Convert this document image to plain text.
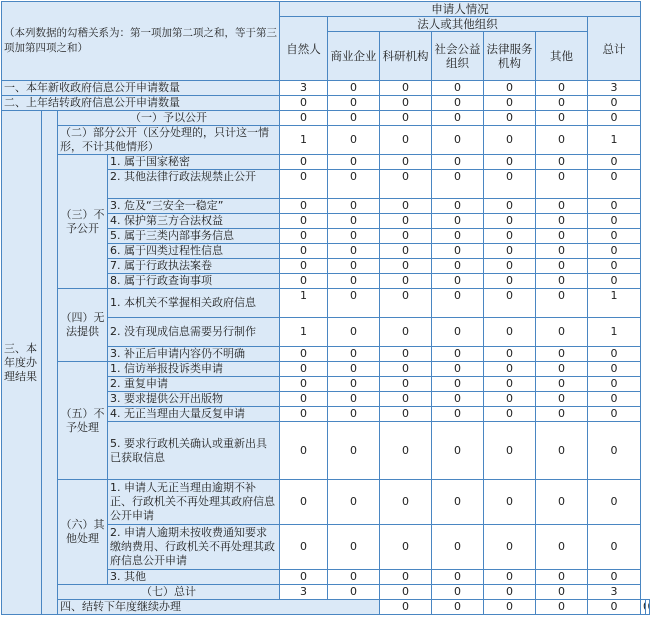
（本列数据的勾稽关系为：第一项加第二项之和，等于第三项加第四项之和）				申请人情况								
				自然人	法人或其他组织					总计		
					商业企业	科研机构	社会公益组织	法律服务机构	其他			

一、本年新收政府信息公开申请数量				3	0	0	0	0	0	3		
二、上年结转政府信息公开申请数量				0	0	0	0	0	0	0		
三、本年度办理结果		（一）予以公开		0	0	0	0	0	0	0		
		（二）部分公开（区分处理的，只计这一情形，不计其他情形）		1	0	0	0	0	0	1		
		（三）不予公开	1. 属于国家秘密	0	0	0	0	0	0	0		
			2. 其他法律行政法规禁止公开	0	0	0	0	0	0	0		
			3. 危及“三安全一稳定”	0	0	0	0	0	0	0		
			4. 保护第三方合法权益	0	0	0	0	0	0	0		
			5. 属于三类内部事务信息	0	0	0	0	0	0	0		
			6. 属于四类过程性信息	0	0	0	0	0	0	0		
			7. 属于行政执法案卷	0	0	0	0	0	0	0		
			8. 属于行政查询事项	0	0	0	0	0	0	0		
		（四）无法提供	1. 本机关不掌握相关政府信息	1	0	0	0	0	0	1		
			2. 没有现成信息需要另行制作	1	0	0	0	0	0	1		
			3. 补正后申请内容仍不明确	0	0	0	0	0	0	0		
		（五）不予处理	1. 信访举报投诉类申请	0	0	0	0	0	0	0		
			2. 重复申请	0	0	0	0	0	0	0		
			3. 要求提供公开出版物	0	0	0	0	0	0	0		
			4. 无正当理由大量反复申请	0	0	0	0	0	0	0		
			5. 要求行政机关确认或重新出具已获取信息	0	0	0	0	0	0	0		
		（六）其他处理	1. 申请人无正当理由逾期不补正、行政机关不再处理其政府信息公开申请	0	0	0	0	0	0	0		
			2. 申请人逾期未按收费通知要求缴纳费用、行政机关不再处理其政府信息公开申请	0	0	0	0	0	0	0		
			3. 其他	0	0	0	0	0	0	0		
		（七）总计		3	0	0	0	0	0	3		
		四、结转下年度继续办理				0	0	0	0	0		
